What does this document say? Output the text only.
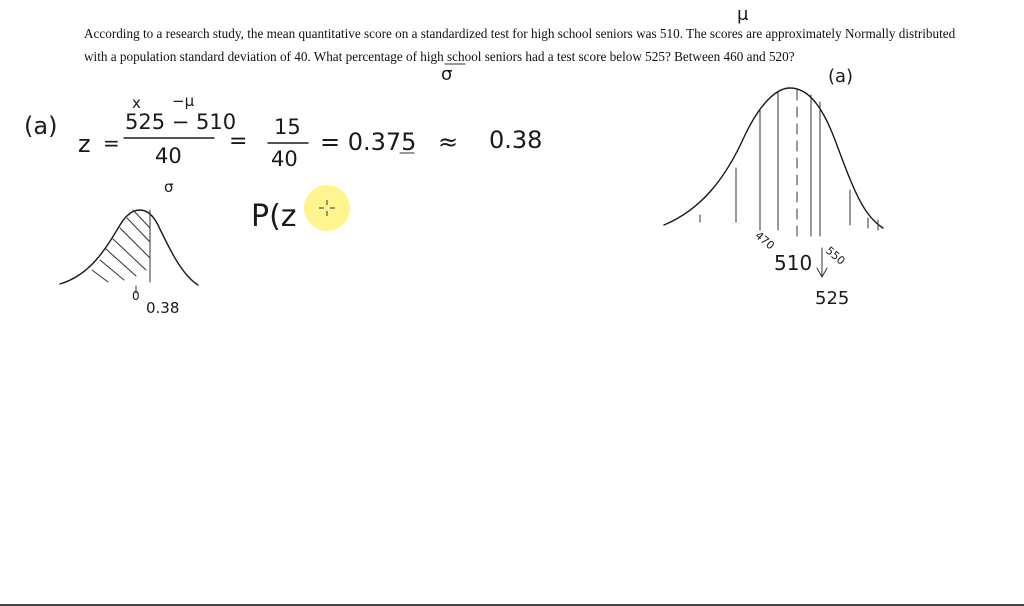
According to a research study, the mean quantitative score on a standardized test for high school seniors was 510. The scores are approximately Normally distributed with a population standard deviation of 40. What percentage of high school seniors had a test score below 525? Between 460 and 520?

μ
σ
(a)
z =
x −μ
525 − 510
40
σ
=
15
40
= 0.375 ≈ 0.38
P(z
0
0.38
(a)
470
550
510
525
